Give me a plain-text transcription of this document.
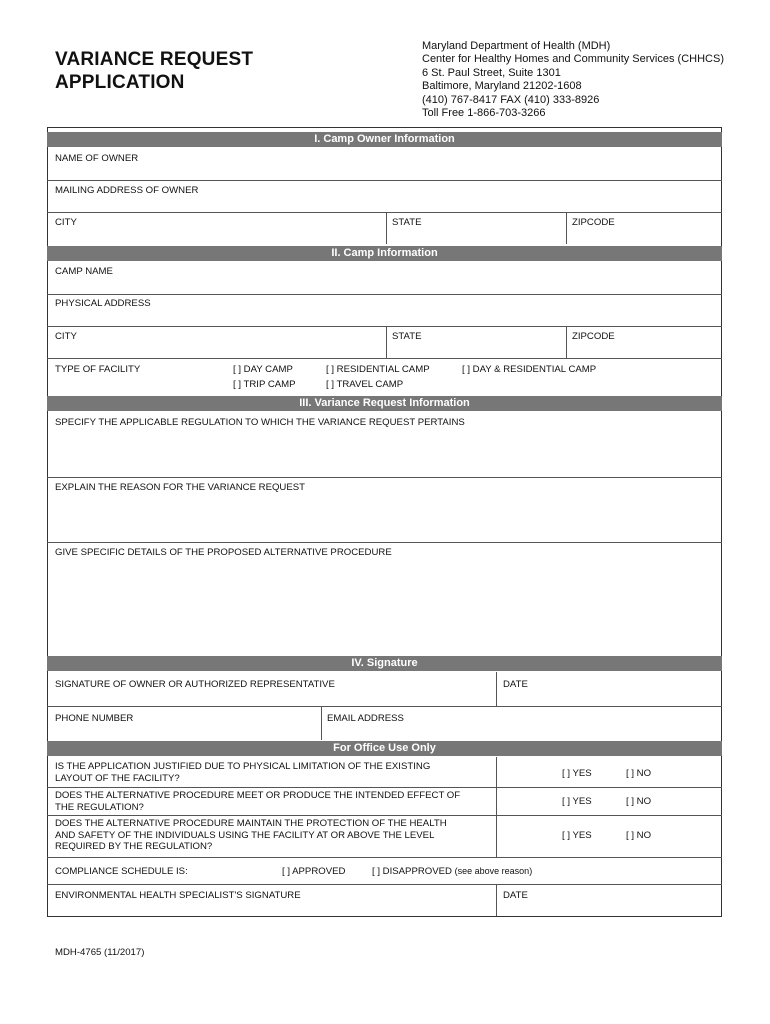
VARIANCE REQUEST
APPLICATION
Maryland Department of Health (MDH)
Center for Healthy Homes and Community Services (CHHCS)
6 St. Paul Street, Suite 1301
Baltimore, Maryland 21202-1608
(410) 767-8417 FAX (410) 333-8926
Toll Free 1-866-703-3266
I. Camp Owner Information
NAME OF OWNER
MAILING ADDRESS OF OWNER
CITY	STATE	ZIPCODE
II. Camp Information
CAMP NAME
PHYSICAL ADDRESS
CITY	STATE	ZIPCODE
TYPE OF FACILITY	[ ] DAY CAMP	[ ] RESIDENTIAL CAMP	[ ] DAY & RESIDENTIAL CAMP
[ ] TRIP CAMP	[ ] TRAVEL CAMP
III. Variance Request Information
SPECIFY THE APPLICABLE REGULATION TO WHICH THE VARIANCE REQUEST PERTAINS
EXPLAIN THE REASON FOR THE VARIANCE REQUEST
GIVE SPECIFIC DETAILS OF THE PROPOSED ALTERNATIVE PROCEDURE
IV. Signature
SIGNATURE OF OWNER OR AUTHORIZED REPRESENTATIVE	DATE
PHONE NUMBER	EMAIL ADDRESS
For Office Use Only
IS THE APPLICATION JUSTIFIED DUE TO PHYSICAL LIMITATION OF THE EXISTING
LAYOUT OF THE FACILITY?	[ ] YES	[ ] NO
DOES THE ALTERNATIVE PROCEDURE MEET OR PRODUCE THE INTENDED EFFECT OF
THE REGULATION?	[ ] YES	[ ] NO
DOES THE ALTERNATIVE PROCEDURE MAINTAIN THE PROTECTION OF THE HEALTH
AND SAFETY OF THE INDIVIDUALS USING THE FACILITY AT OR ABOVE THE LEVEL
REQUIRED BY THE REGULATION?
[ ] YES	[ ] NO
COMPLIANCE SCHEDULE IS:	[ ] APPROVED	[ ] DISAPPROVED (see above reason)
ENVIRONMENTAL HEALTH SPECIALIST'S SIGNATURE	DATE
MDH-4765 (11/2017)
